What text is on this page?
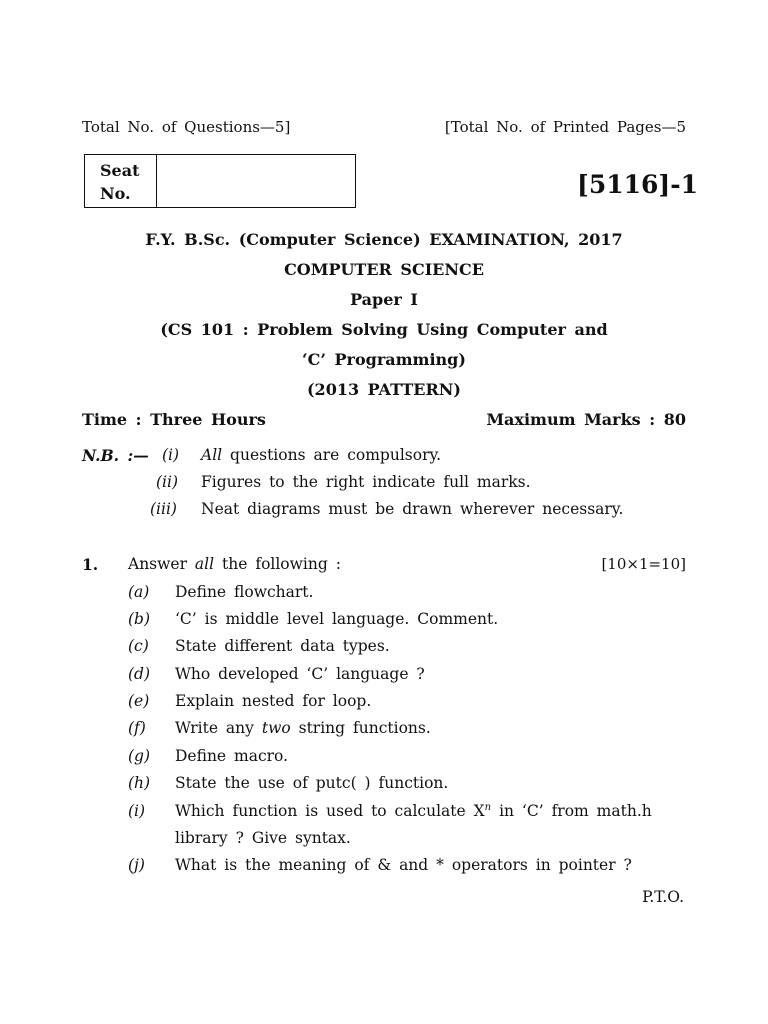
Total No. of Questions—5]	[Total No. of Printed Pages—5
Seat
No.	[5116]-1
F.Y. B.Sc. (Computer Science) EXAMINATION, 2017
COMPUTER SCIENCE
Paper I
(CS 101 : Problem Solving Using Computer and
‘C’ Programming)
(2013 PATTERN)
Time : Three Hours	Maximum Marks : 80
N.B. :— (i) All questions are compulsory.
(ii) Figures to the right indicate full marks.
(iii) Neat diagrams must be drawn wherever necessary.
1. Answer all the following :	[10×1=10]
(a) Define flowchart.
(b) ‘C’ is middle level language. Comment.
(c) State different data types.
(d) Who developed ‘C’ language ?
(e) Explain nested for loop.
(f) Write any two string functions.
(g) Define macro.
(h) State the use of putc( ) function.
(i) Which function is used to calculate $X^n$ in ‘C’ from math.h
library ? Give syntax.
(j) What is the meaning of & and * operators in pointer ?
P.T.O.
